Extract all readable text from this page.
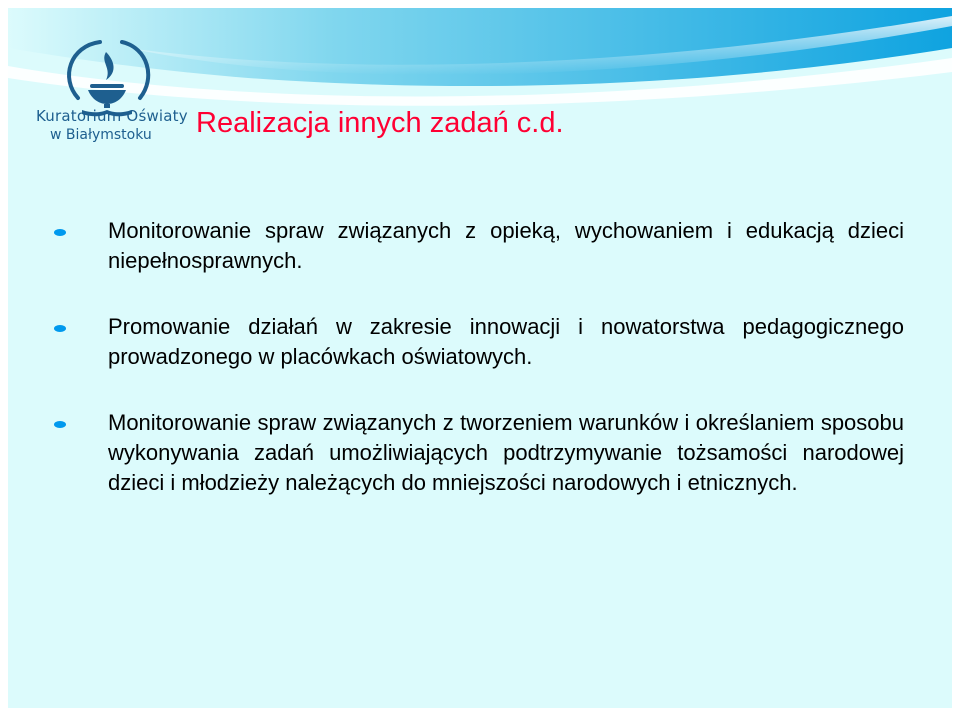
Kuratorium Oświaty
w Białymstoku	Realizacja innych zadań c.d.
Monitorowanie spraw związanych z opieką, wychowaniem i edukacją dzieci niepełnosprawnych.
Promowanie działań w zakresie innowacji i nowatorstwa pedagogicznego prowadzonego w placówkach oświatowych.
Monitorowanie spraw związanych z tworzeniem warunków i określaniem sposobu wykonywania zadań umożliwiających podtrzymywanie tożsamości narodowej dzieci i młodzieży należących do mniejszości narodowych i etnicznych.
